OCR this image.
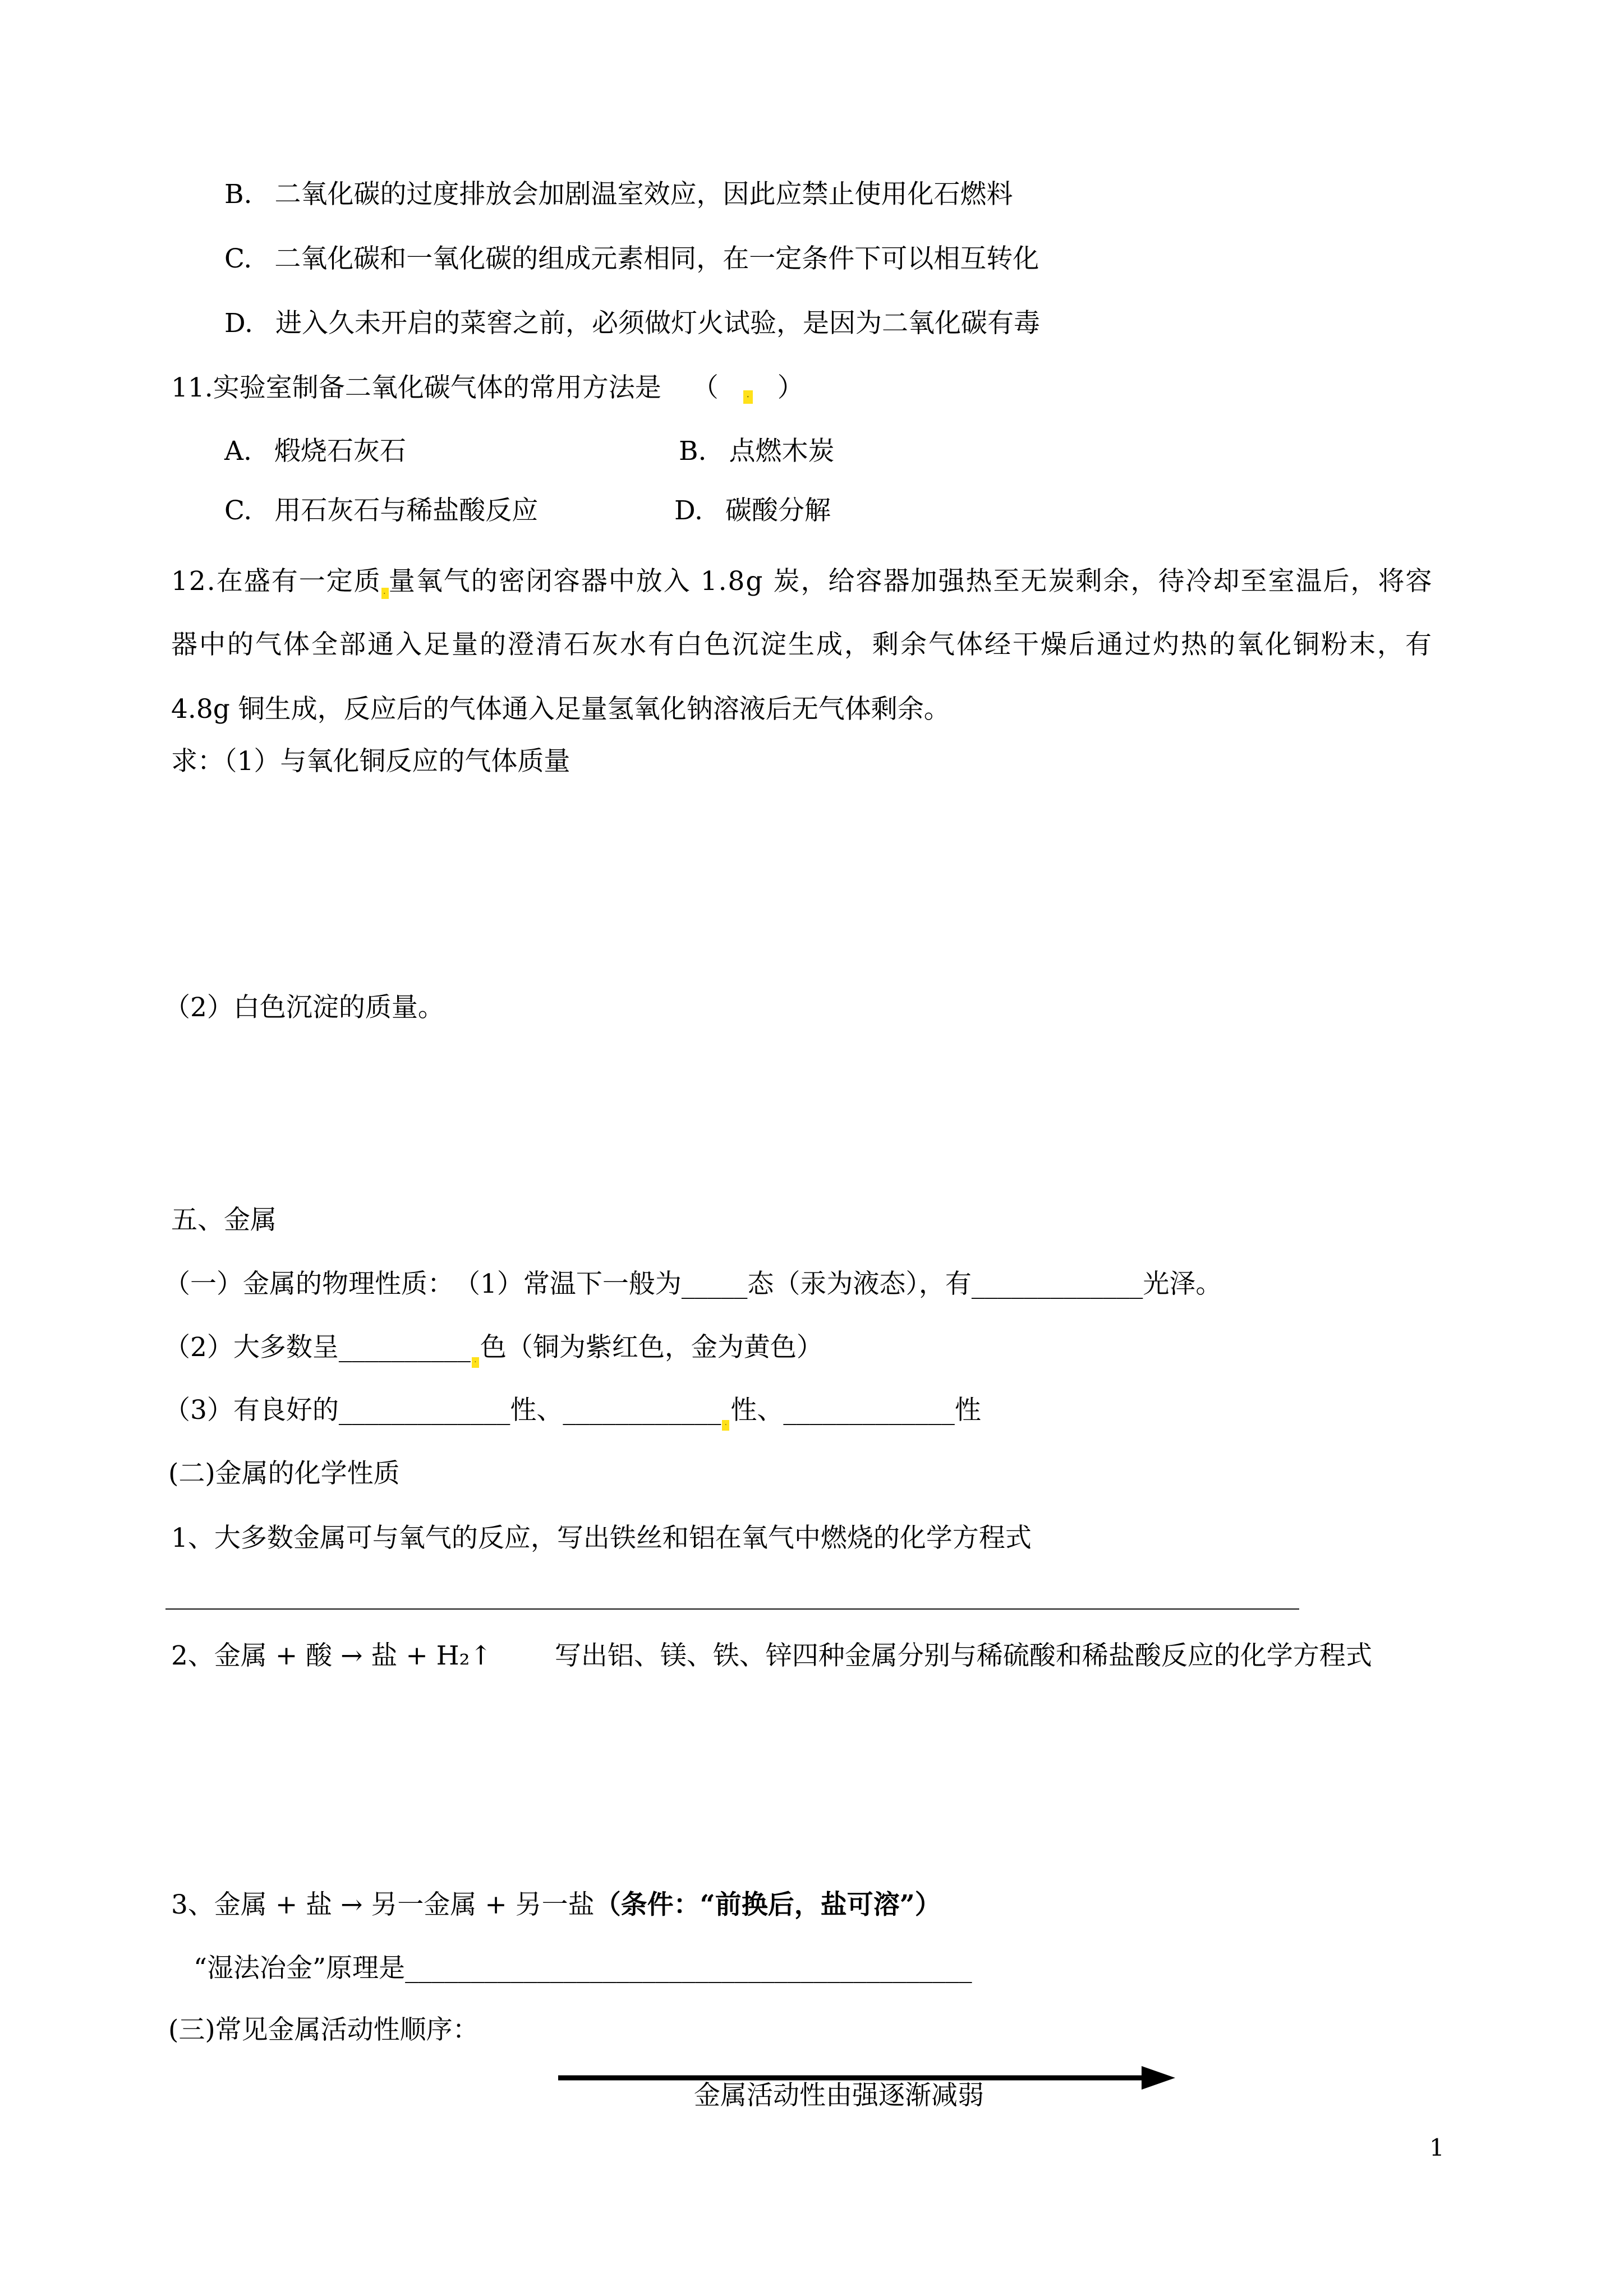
B. 二氧化碳的过度排放会加剧温室效应，因此应禁止使用化石燃料
C. 二氧化碳和一氧化碳的组成元素相同，在一定条件下可以相互转化
D. 进入久未开启的菜窖之前，必须做灯火试验，是因为二氧化碳有毒
11.实验室制备二氧化碳气体的常用方法是 （	· ）
A. 煅烧石灰石	B. 点燃木炭
C. 用石灰石与稀盐酸反应	D. 碳酸分解
12.在盛有一定质 ·量氧气的密闭容器中放入 1.8g 炭，给容器加强热至无炭剩余，待冷却至室温后，将容
器中的气体全部通入足量的澄清石灰水有白色沉淀生成，剩余气体经干燥后通过灼热的氧化铜粉末，有
4.8g 铜生成，反应后的气体通入足量氢氧化钠溶液后无气体剩余。
求：（1）与氧化铜反应的气体质量
（2）白色沉淀的质量。
五、金属
（一）金属的物理性质：　（1）常温下一般为_____态（汞为液态），有_____________光泽。
（2）大多数呈__________ · 色（铜为紫红色，金为黄色）
（3）有良好的_____________性、____________ · 性、_____________性
(二)金属的化学性质
1、大多数金属可与氧气的反应，写出铁丝和铝在氧气中燃烧的化学方程式
______________________________________________________________________________________
2、金属 + 酸 → 盐 + H₂↑ 写出铝、镁、铁、锌四种金属分别与稀硫酸和稀盐酸反应的化学方程式
3、金属 + 盐 → 另一金属 + 另一盐（条件：“前换后，盐可溶”）
“湿法冶金”原理是___________________________________________
(三)常见金属活动性顺序：
金属活动性由强逐渐减弱
1
